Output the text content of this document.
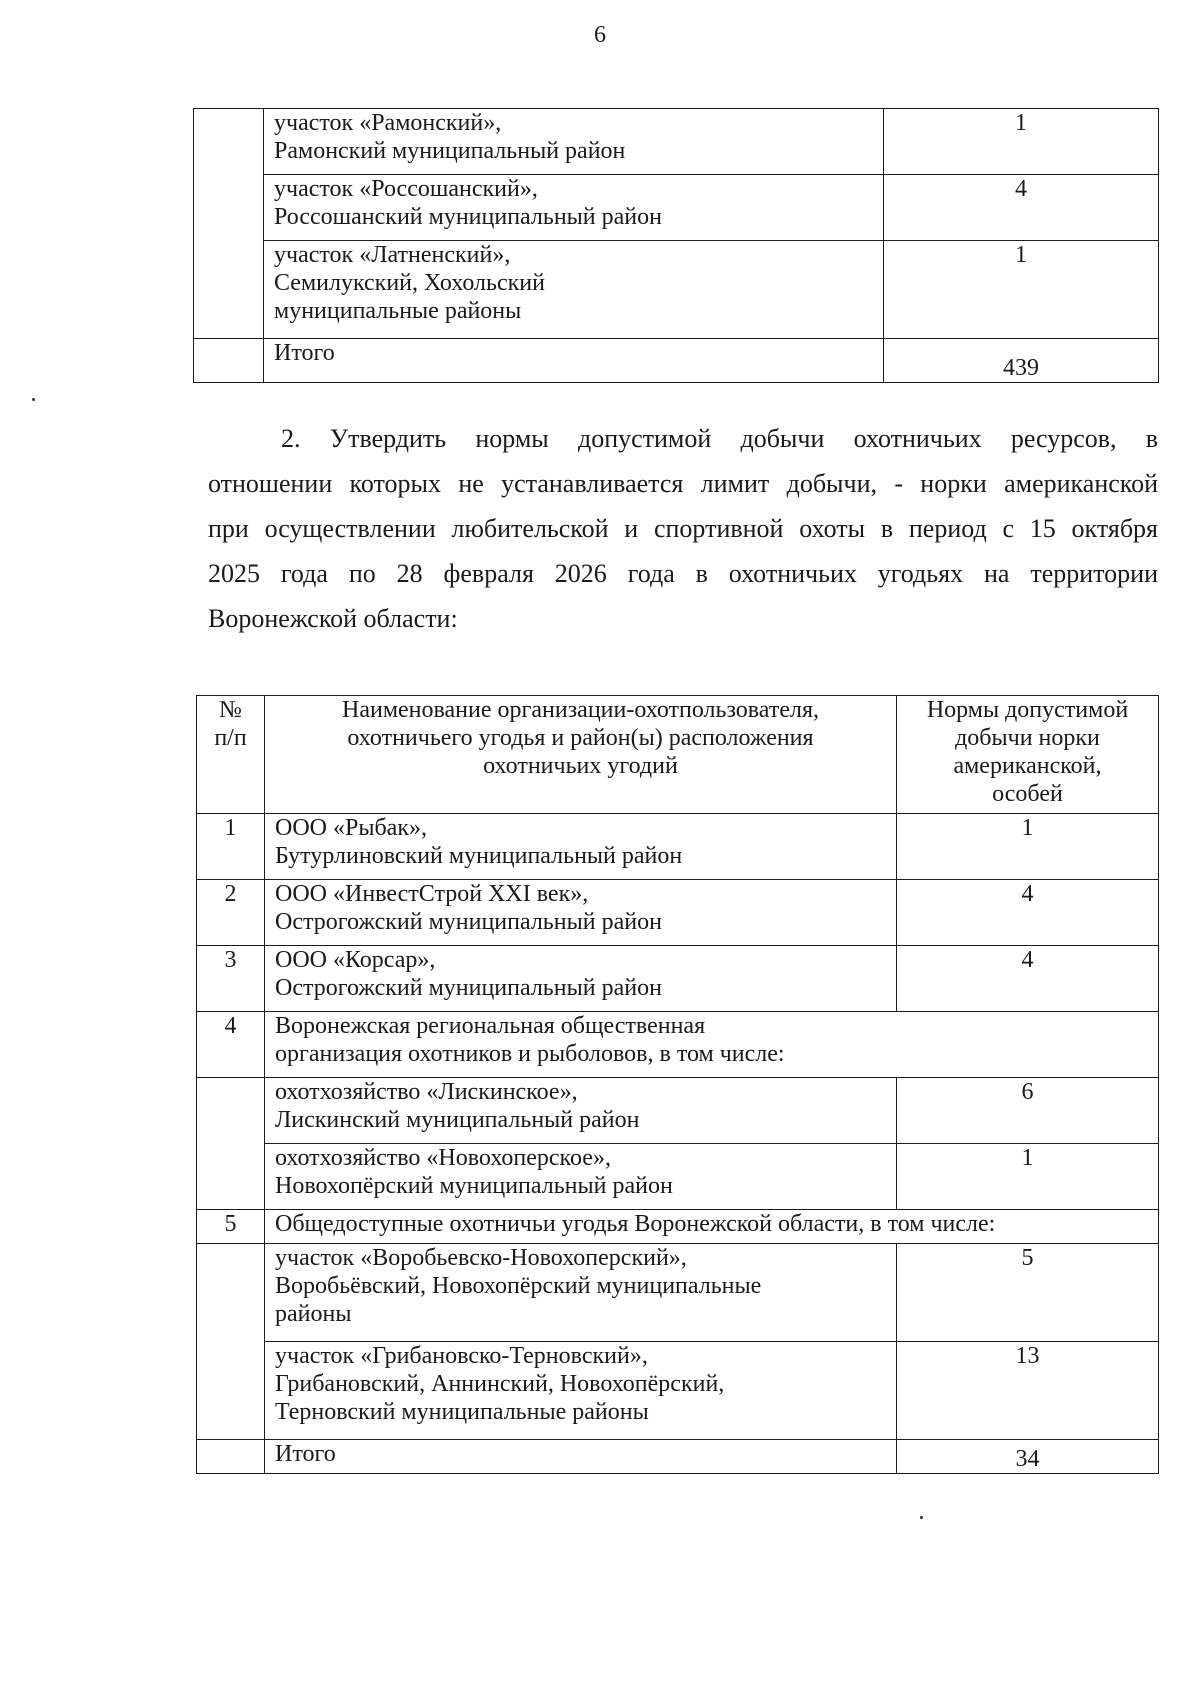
6

	участок «Рамонский»,
Рамонский муниципальный район	1

	участок «Россошанский»,
Россошанский муниципальный район	4

	участок «Латненский»,
Семилукский, Хохольский
муниципальные районы	1

	Итого	439
2. Утвердить нормы допустимой добычи охотничьих ресурсов, в
отношении которых не устанавливается лимит добычи, - норки американской
при осуществлении любительской и спортивной охоты в период с 15 октября
2025 года по 28 февраля 2026 года в охотничьих угодьях на территории
Воронежской области:
№
п/п	Наименование организации-охотпользователя,
охотничьего угодья и район(ы) расположения
охотничьих угодий	Нормы допустимой
добычи норки
американской,
особей

1	ООО «Рыбак»,
Бутурлиновский муниципальный район	1
2	ООО «ИнвестСтрой XXI век»,
Острогожский муниципальный район	4
3	ООО «Корсар»,
Острогожский муниципальный район	4
4	Воронежская региональная общественная
организация охотников и рыболовов, в том числе:	

	охотхозяйство «Лискинское»,
Лискинский муниципальный район	6

	охотхозяйство «Новохоперское»,
Новохопёрский муниципальный район	1
5	Общедоступные охотничьи угодья Воронежской области, в том числе:	

	участок «Воробьевско-Новохоперский»,
Воробьёвский, Новохопёрский муниципальные
районы	5

	участок «Грибановско-Терновский»,
Грибановский, Аннинский, Новохопёрский,
Терновский муниципальные районы	13

	Итого	34
